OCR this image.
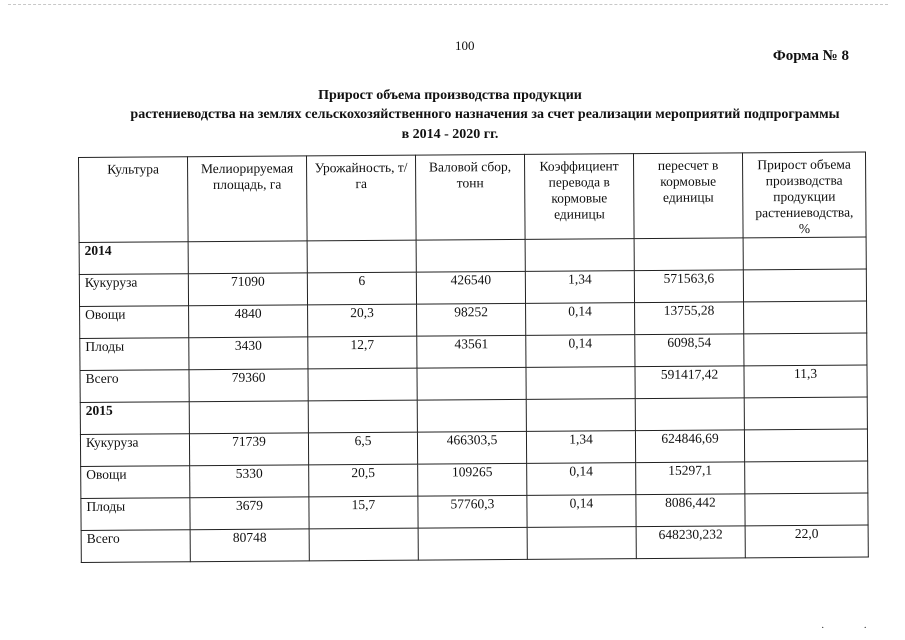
100
Форма № 8
Прирост объема производства продукции
растениеводства на землях сельскохозяйственного назначения за счет реализации мероприятий подпрограммы
в 2014 - 2020 гг.
Культура	Мелиорируемая площадь, га	Урожайность, т/га	Валовой сбор, тонн	Коэффициент перевода в кормовые единицы	пересчет в кормовые единицы	Прирост объема производства продукции растениеводства, %
2014						
Кукуруза	71090	6	426540	1,34	571563,6	
Овощи	4840	20,3	98252	0,14	13755,28	
Плоды	3430	12,7	43561	0,14	6098,54	
Всего	79360				591417,42	11,3
2015						
Кукуруза	71739	6,5	466303,5	1,34	624846,69	
Овощи	5330	20,5	109265	0,14	15297,1	
Плоды	3679	15,7	57760,3	0,14	8086,442	
Всего	80748				648230,232	22,0
· ·
